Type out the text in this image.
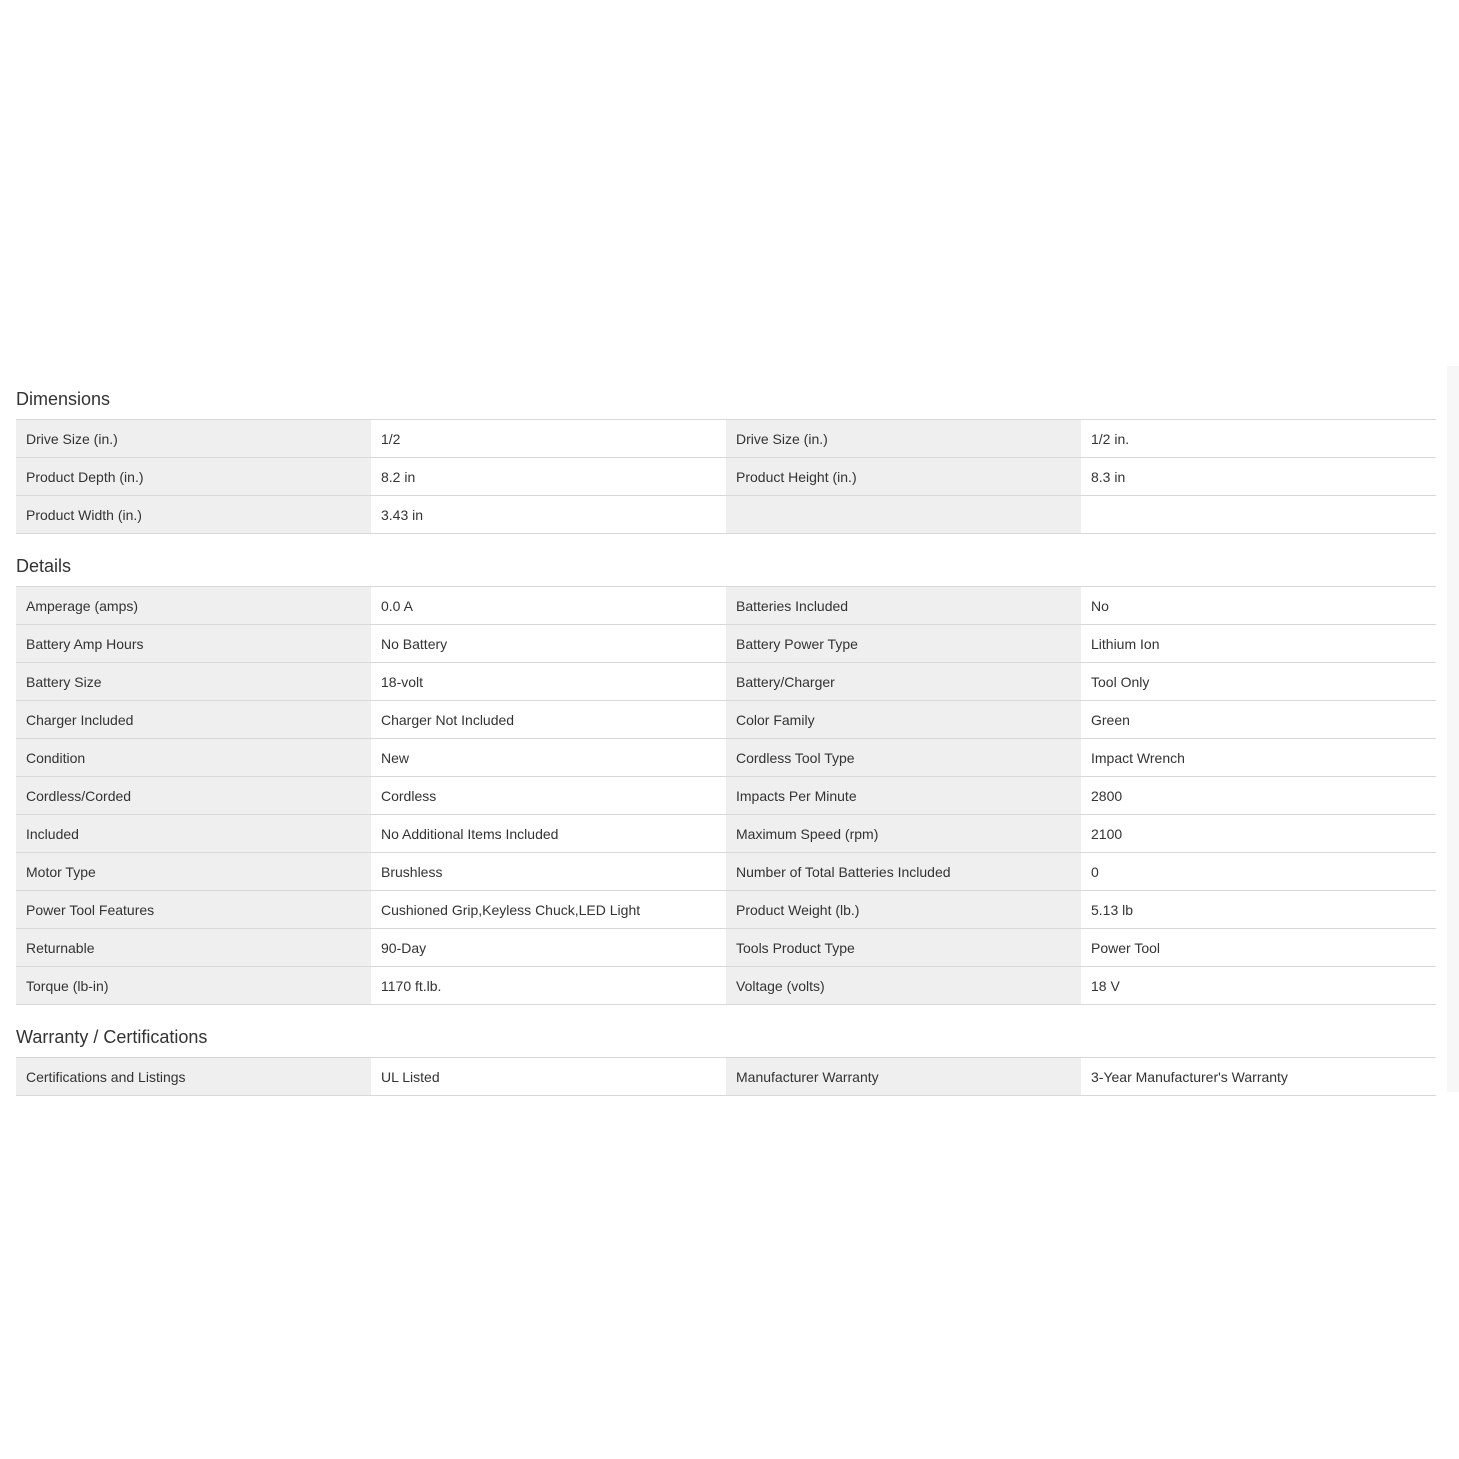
Dimensions
Drive Size (in.)	1/2	Drive Size (in.)	1/2 in.
Product Depth (in.)	8.2 in	Product Height (in.)	8.3 in
Product Width (in.)	3.43 in		
Details
Amperage (amps)	0.0 A	Batteries Included	No
Battery Amp Hours	No Battery	Battery Power Type	Lithium Ion
Battery Size	18-volt	Battery/Charger	Tool Only
Charger Included	Charger Not Included	Color Family	Green
Condition	New	Cordless Tool Type	Impact Wrench
Cordless/Corded	Cordless	Impacts Per Minute	2800
Included	No Additional Items Included	Maximum Speed (rpm)	2100
Motor Type	Brushless	Number of Total Batteries Included	0
Power Tool Features	Cushioned Grip,Keyless Chuck,LED Light	Product Weight (lb.)	5.13 lb
Returnable	90-Day	Tools Product Type	Power Tool
Torque (lb-in)	1170 ft.lb.	Voltage (volts)	18 V
Warranty / Certifications
Certifications and Listings	UL Listed	Manufacturer Warranty	3-Year Manufacturer's Warranty
